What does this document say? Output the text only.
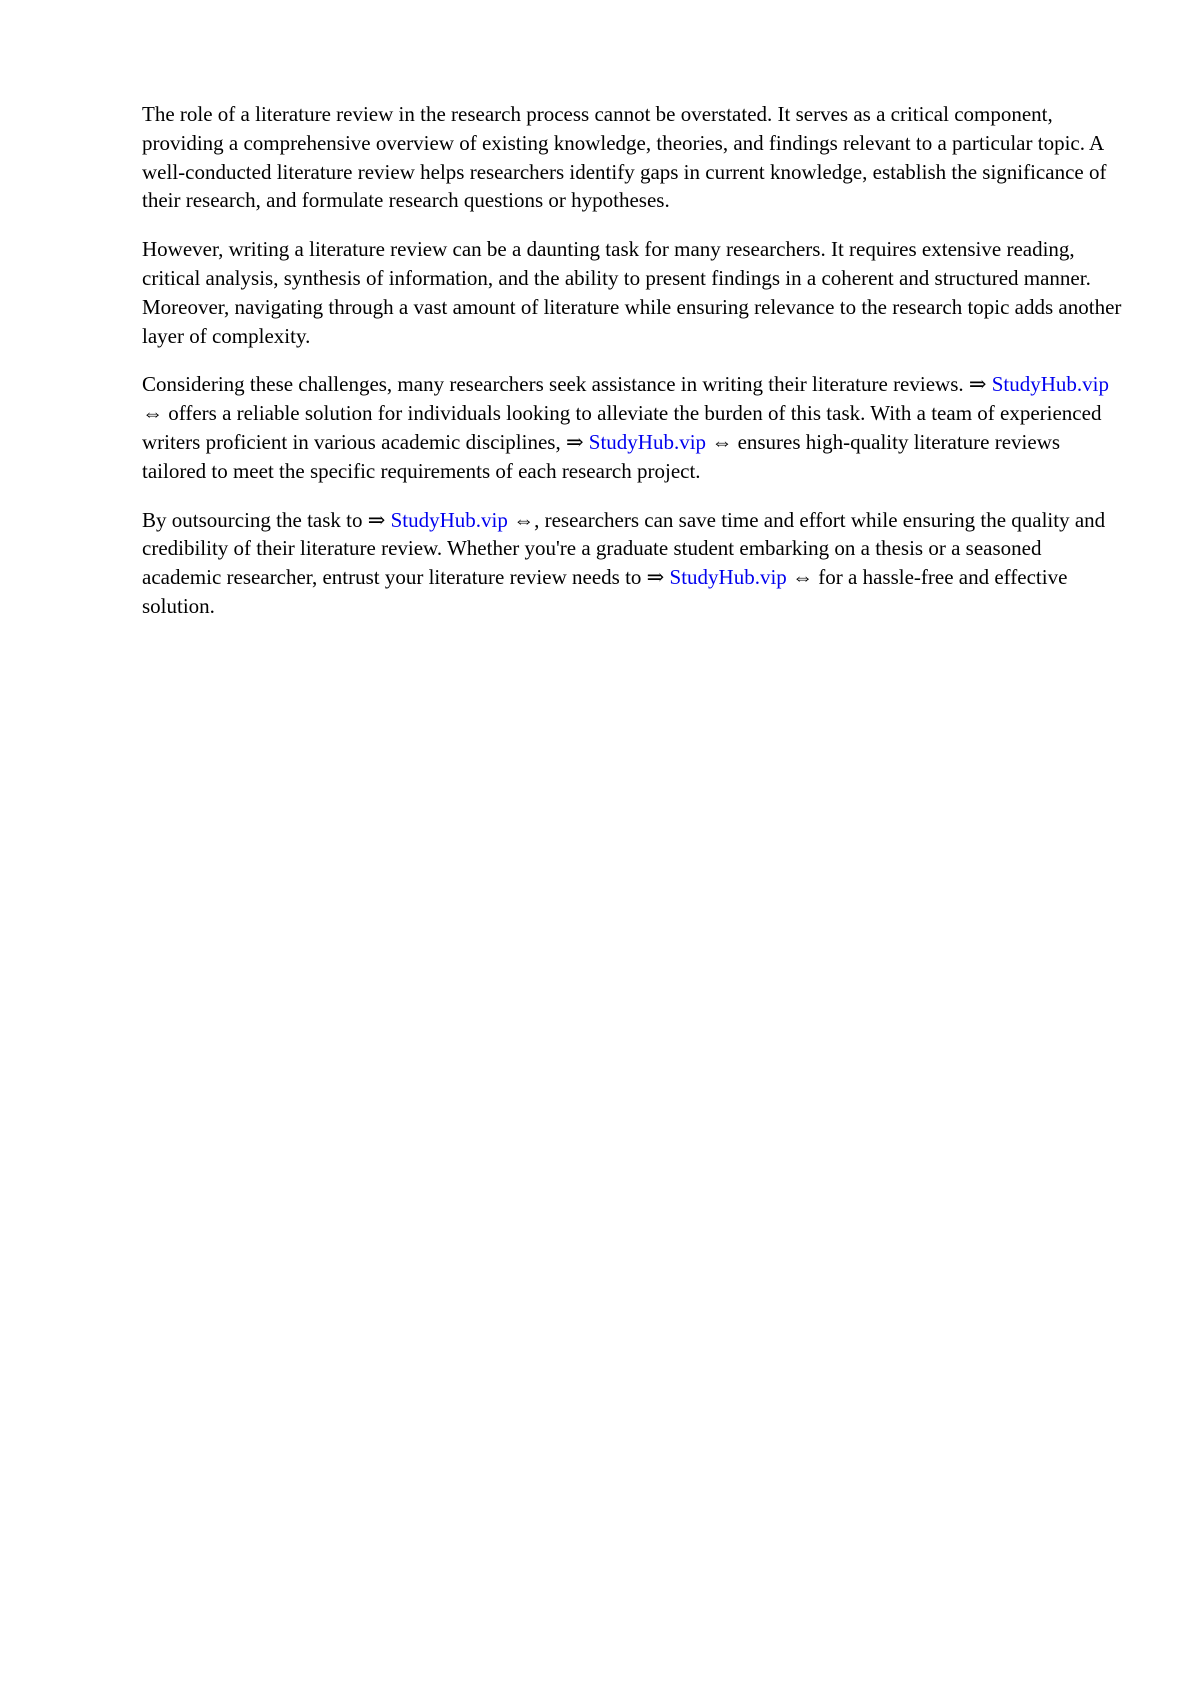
The role of a literature review in the research process cannot be overstated. It serves as a critical component, providing a comprehensive overview of existing knowledge, theories, and findings relevant to a particular topic. A well-conducted literature review helps researchers identify gaps in current knowledge, establish the significance of their research, and formulate research questions or hypotheses.

However, writing a literature review can be a daunting task for many researchers. It requires extensive reading, critical analysis, synthesis of information, and the ability to present findings in a coherent and structured manner. Moreover, navigating through a vast amount of literature while ensuring relevance to the research topic adds another layer of complexity.

Considering these challenges, many researchers seek assistance in writing their literature reviews. ⇒ StudyHub.vip ⇔ offers a reliable solution for individuals looking to alleviate the burden of this task. With a team of experienced writers proficient in various academic disciplines, ⇒ StudyHub.vip ⇔ ensures high-quality literature reviews tailored to meet the specific requirements of each research project.

By outsourcing the task to ⇒ StudyHub.vip ⇔, researchers can save time and effort while ensuring the quality and credibility of their literature review. Whether you're a graduate student embarking on a thesis or a seasoned academic researcher, entrust your literature review needs to ⇒ StudyHub.vip ⇔ for a hassle-free and effective solution.
